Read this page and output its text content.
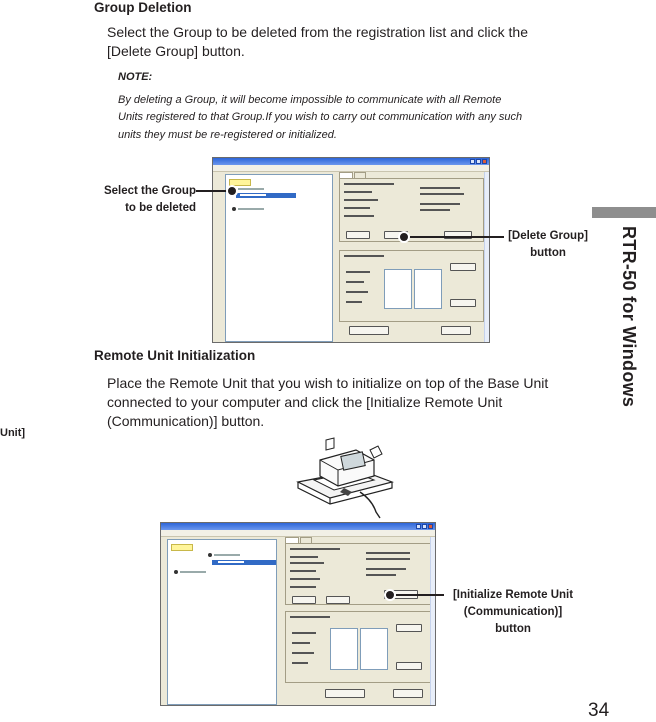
Group Deletion
Select the Group to be deleted from the registration list and click the
[Delete Group] button.
NOTE:
By deleting a Group, it will become impossible to communicate with all Remote
Units registered to that Group.If you wish to carry out communication with any such
units they must be re-registered or initialized.
Select the Group
to be deleted
[Delete Group]
button
Remote Unit Initialization
Place the Remote Unit that you wish to initialize on top of the Base Unit
connected to your computer and click the [Initialize Remote Unit
(Communication)] button.
Unit]
[Initialize Remote Unit
(Communication)]
button
RTR-50 for Windows
34
